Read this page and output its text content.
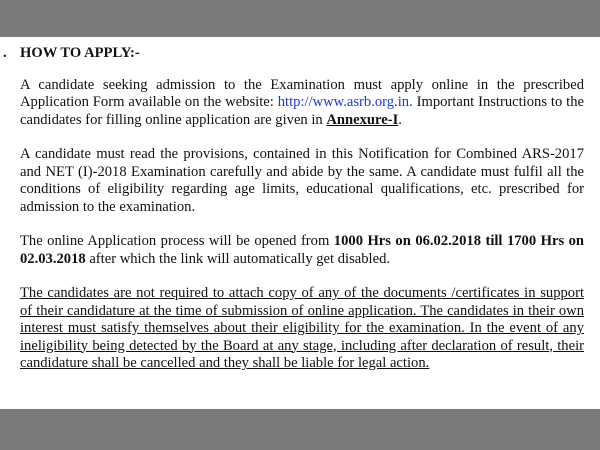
. HOW TO APPLY:-

A candidate seeking admission to the Examination must apply online in the prescribed Application Form available on the website: http://www.asrb.org.in. Important Instructions to the candidates for filling online application are given in Annexure-I.

A candidate must read the provisions, contained in this Notification for Combined ARS-2017 and NET (I)-2018 Examination carefully and abide by the same. A candidate must fulfil all the conditions of eligibility regarding age limits, educational qualifications, etc. prescribed for admission to the examination.

The online Application process will be opened from 1000 Hrs on 06.02.2018 till 1700 Hrs on 02.03.2018 after which the link will automatically get disabled.

The candidates are not required to attach copy of any of the documents /certificates in support of their candidature at the time of submission of online application. The candidates in their own interest must satisfy themselves about their eligibility for the examination. In the event of any ineligibility being detected by the Board at any stage, including after declaration of result, their candidature shall be cancelled and they shall be liable for legal action.
